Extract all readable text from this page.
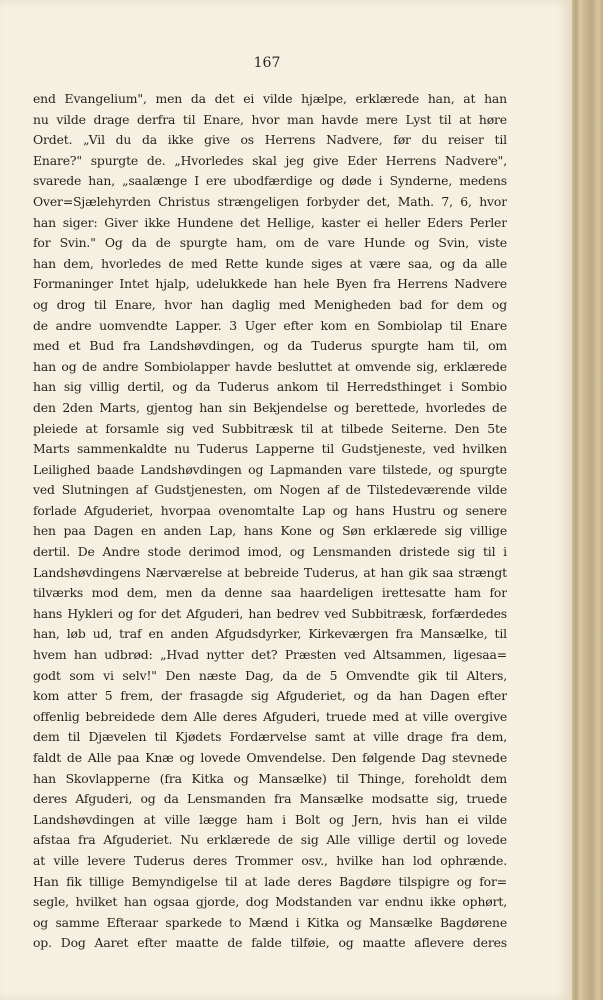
167

end Evangelium", men da det ei vilde hjælpe, erklærede han, at han
nu vilde drage derfra til Enare, hvor man havde mere Lyst til at høre
Ordet. „Vil du da ikke give os Herrens Nadvere, før du reiser til
Enare?" spurgte de. „Hvorledes skal jeg give Eder Herrens Nadvere",
svarede han, „saalænge I ere ubodfærdige og døde i Synderne, medens
Over=Sjælehyrden Christus strængeligen forbyder det, Math. 7, 6, hvor
han siger: Giver ikke Hundene det Hellige, kaster ei heller Eders Perler
for Svin." Og da de spurgte ham, om de vare Hunde og Svin, viste
han dem, hvorledes de med Rette kunde siges at være saa, og da alle
Formaninger Intet hjalp, udelukkede han hele Byen fra Herrens Nadvere
og drog til Enare, hvor han daglig med Menigheden bad for dem og
de andre uomvendte Lapper. 3 Uger efter kom en Sombiolap til Enare
med et Bud fra Landshøvdingen, og da Tuderus spurgte ham til, om
han og de andre Sombiolapper havde besluttet at omvende sig, erklærede
han sig villig dertil, og da Tuderus ankom til Herredsthinget i Sombio
den 2den Marts, gjentog han sin Bekjendelse og berettede, hvorledes de
pleiede at forsamle sig ved Subbitræsk til at tilbede Seiterne. Den 5te
Marts sammenkaldte nu Tuderus Lapperne til Gudstjeneste, ved hvilken
Leilighed baade Landshøvdingen og Lapmanden vare tilstede, og spurgte
ved Slutningen af Gudstjenesten, om Nogen af de Tilstedeværende vilde
forlade Afguderiet, hvorpaa ovenomtalte Lap og hans Hustru og senere
hen paa Dagen en anden Lap, hans Kone og Søn erklærede sig villige
dertil. De Andre stode derimod imod, og Lensmanden dristede sig til i
Landshøvdingens Nærværelse at bebreide Tuderus, at han gik saa strængt
tilværks mod dem, men da denne saa haardeligen irettesatte ham for
hans Hykleri og for det Afguderi, han bedrev ved Subbitræsk, forfærdedes
han, løb ud, traf en anden Afgudsdyrker, Kirkeværgen fra Mansælke, til
hvem han udbrød: „Hvad nytter det? Præsten ved Altsammen, ligesaa=
godt som vi selv!" Den næste Dag, da de 5 Omvendte gik til Alters,
kom atter 5 frem, der frasagde sig Afguderiet, og da han Dagen efter
offenlig bebreidede dem Alle deres Afguderi, truede med at ville overgive
dem til Djævelen til Kjødets Fordærvelse samt at ville drage fra dem,
faldt de Alle paa Knæ og lovede Omvendelse. Den følgende Dag stevnede
han Skovlapperne (fra Kitka og Mansælke) til Thinge, foreholdt dem
deres Afguderi, og da Lensmanden fra Mansælke modsatte sig, truede
Landshøvdingen at ville lægge ham i Bolt og Jern, hvis han ei vilde
afstaa fra Afguderiet. Nu erklærede de sig Alle villige dertil og lovede
at ville levere Tuderus deres Trommer osv., hvilke han lod ophrænde.
Han fik tillige Bemyndigelse til at lade deres Bagdøre tilspigre og for=
segle, hvilket han ogsaa gjorde, dog Modstanden var endnu ikke ophørt,
og samme Efteraar sparkede to Mænd i Kitka og Mansælke Bagdørene
op. Dog Aaret efter maatte de falde tilføie, og maatte aflevere deres
